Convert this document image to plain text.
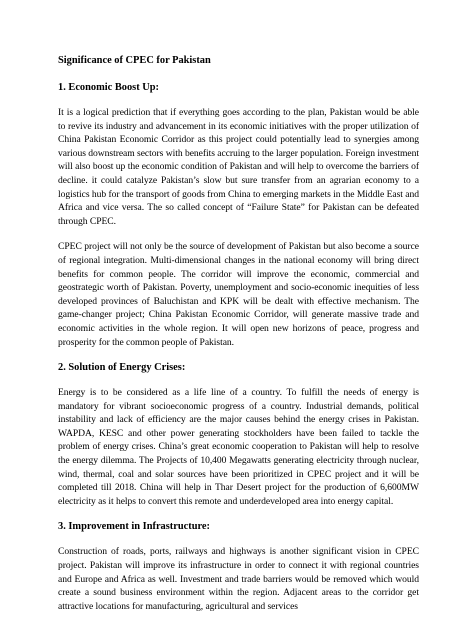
Significance of CPEC for Pakistan
1. Economic Boost Up:

It is a logical prediction that if everything goes according to the plan, Pakistan would be able to revive its industry and advancement in its economic initiatives with the proper utilization of China Pakistan Economic Corridor as this project could potentially lead to synergies among various downstream sectors with benefits accruing to the larger population. Foreign investment will also boost up the economic condition of Pakistan and will help to overcome the barriers of decline. it could catalyze Pakistan’s slow but sure transfer from an agrarian economy to a logistics hub for the transport of goods from China to emerging markets in the Middle East and Africa and vice versa. The so called concept of “Failure State” for Pakistan can be defeated through CPEC.

CPEC project will not only be the source of development of Pakistan but also become a source of regional integration. Multi-dimensional changes in the national economy will bring direct benefits for common people. The corridor will improve the economic, commercial and geostrategic worth of Pakistan. Poverty, unemployment and socio-economic inequities of less developed provinces of Baluchistan and KPK will be dealt with effective mechanism. The game-changer project; China Pakistan Economic Corridor, will generate massive trade and economic activities in the whole region. It will open new horizons of peace, progress and prosperity for the common people of Pakistan.

2. Solution of Energy Crises:

Energy is to be considered as a life line of a country. To fulfill the needs of energy is mandatory for vibrant socioeconomic progress of a country. Industrial demands, political instability and lack of efficiency are the major causes behind the energy crises in Pakistan. WAPDA, KESC and other power generating stockholders have been failed to tackle the problem of energy crises. China’s great economic cooperation to Pakistan will help to resolve the energy dilemma. The Projects of 10,400 Megawatts generating electricity through nuclear, wind, thermal, coal and solar sources have been prioritized in CPEC project and it will be completed till 2018. China will help in Thar Desert project for the production of 6,600MW electricity as it helps to convert this remote and underdeveloped area into energy capital.

3. Improvement in Infrastructure:

Construction of roads, ports, railways and highways is another significant vision in CPEC project. Pakistan will improve its infrastructure in order to connect it with regional countries and Europe and Africa as well. Investment and trade barriers would be removed which would create a sound business environment within the region. Adjacent areas to the corridor get attractive locations for manufacturing, agricultural and services
